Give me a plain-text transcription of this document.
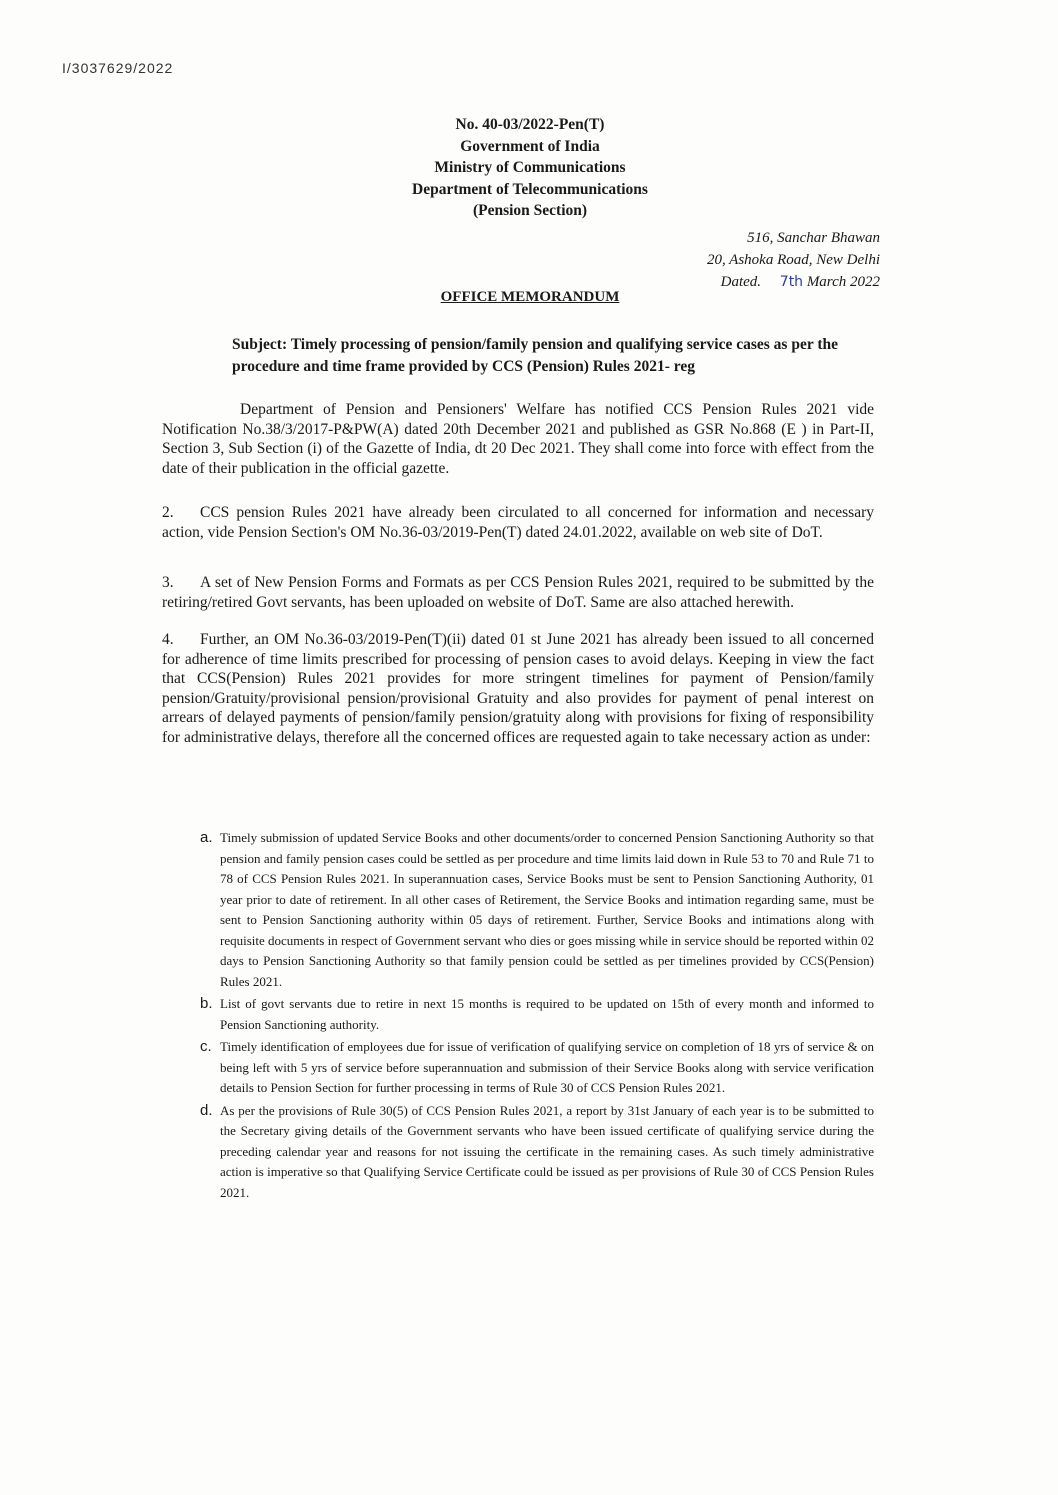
I/3037629/2022
No. 40-03/2022-Pen(T)
Government of India
Ministry of Communications
Department of Telecommunications
(Pension Section)
516, Sanchar Bhawan
20, Ashoka Road, New Delhi
Dated. 7th March 2022
OFFICE MEMORANDUM
Subject: Timely processing of pension/family pension and qualifying service cases as per the procedure and time frame provided by CCS (Pension) Rules 2021- reg
Department of Pension and Pensioners' Welfare has notified CCS Pension Rules 2021 vide Notification No.38/3/2017-P&PW(A) dated 20th December 2021 and published as GSR No.868 (E ) in Part-II, Section 3, Sub Section (i) of the Gazette of India, dt 20 Dec 2021. They shall come into force with effect from the date of their publication in the official gazette.
2. CCS pension Rules 2021 have already been circulated to all concerned for information and necessary action, vide Pension Section's OM No.36-03/2019-Pen(T) dated 24.01.2022, available on web site of DoT.
3. A set of New Pension Forms and Formats as per CCS Pension Rules 2021, required to be submitted by the retiring/retired Govt servants, has been uploaded on website of DoT. Same are also attached herewith.
4. Further, an OM No.36-03/2019-Pen(T)(ii) dated 01 st June 2021 has already been issued to all concerned for adherence of time limits prescribed for processing of pension cases to avoid delays. Keeping in view the fact that CCS(Pension) Rules 2021 provides for more stringent timelines for payment of Pension/family pension/Gratuity/provisional pension/provisional Gratuity and also provides for payment of penal interest on arrears of delayed payments of pension/family pension/gratuity along with provisions for fixing of responsibility for administrative delays, therefore all the concerned offices are requested again to take necessary action as under:
a. Timely submission of updated Service Books and other documents/order to concerned Pension Sanctioning Authority so that pension and family pension cases could be settled as per procedure and time limits laid down in Rule 53 to 70 and Rule 71 to 78 of CCS Pension Rules 2021. In superannuation cases, Service Books must be sent to Pension Sanctioning Authority, 01 year prior to date of retirement. In all other cases of Retirement, the Service Books and intimation regarding same, must be sent to Pension Sanctioning authority within 05 days of retirement. Further, Service Books and intimations along with requisite documents in respect of Government servant who dies or goes missing while in service should be reported within 02 days to Pension Sanctioning Authority so that family pension could be settled as per timelines provided by CCS(Pension) Rules 2021.
b. List of govt servants due to retire in next 15 months is required to be updated on 15th of every month and informed to Pension Sanctioning authority.
c. Timely identification of employees due for issue of verification of qualifying service on completion of 18 yrs of service & on being left with 5 yrs of service before superannuation and submission of their Service Books along with service verification details to Pension Section for further processing in terms of Rule 30 of CCS Pension Rules 2021.
d. As per the provisions of Rule 30(5) of CCS Pension Rules 2021, a report by 31st January of each year is to be submitted to the Secretary giving details of the Government servants who have been issued certificate of qualifying service during the preceding calendar year and reasons for not issuing the certificate in the remaining cases. As such timely administrative action is imperative so that Qualifying Service Certificate could be issued as per provisions of Rule 30 of CCS Pension Rules 2021.
